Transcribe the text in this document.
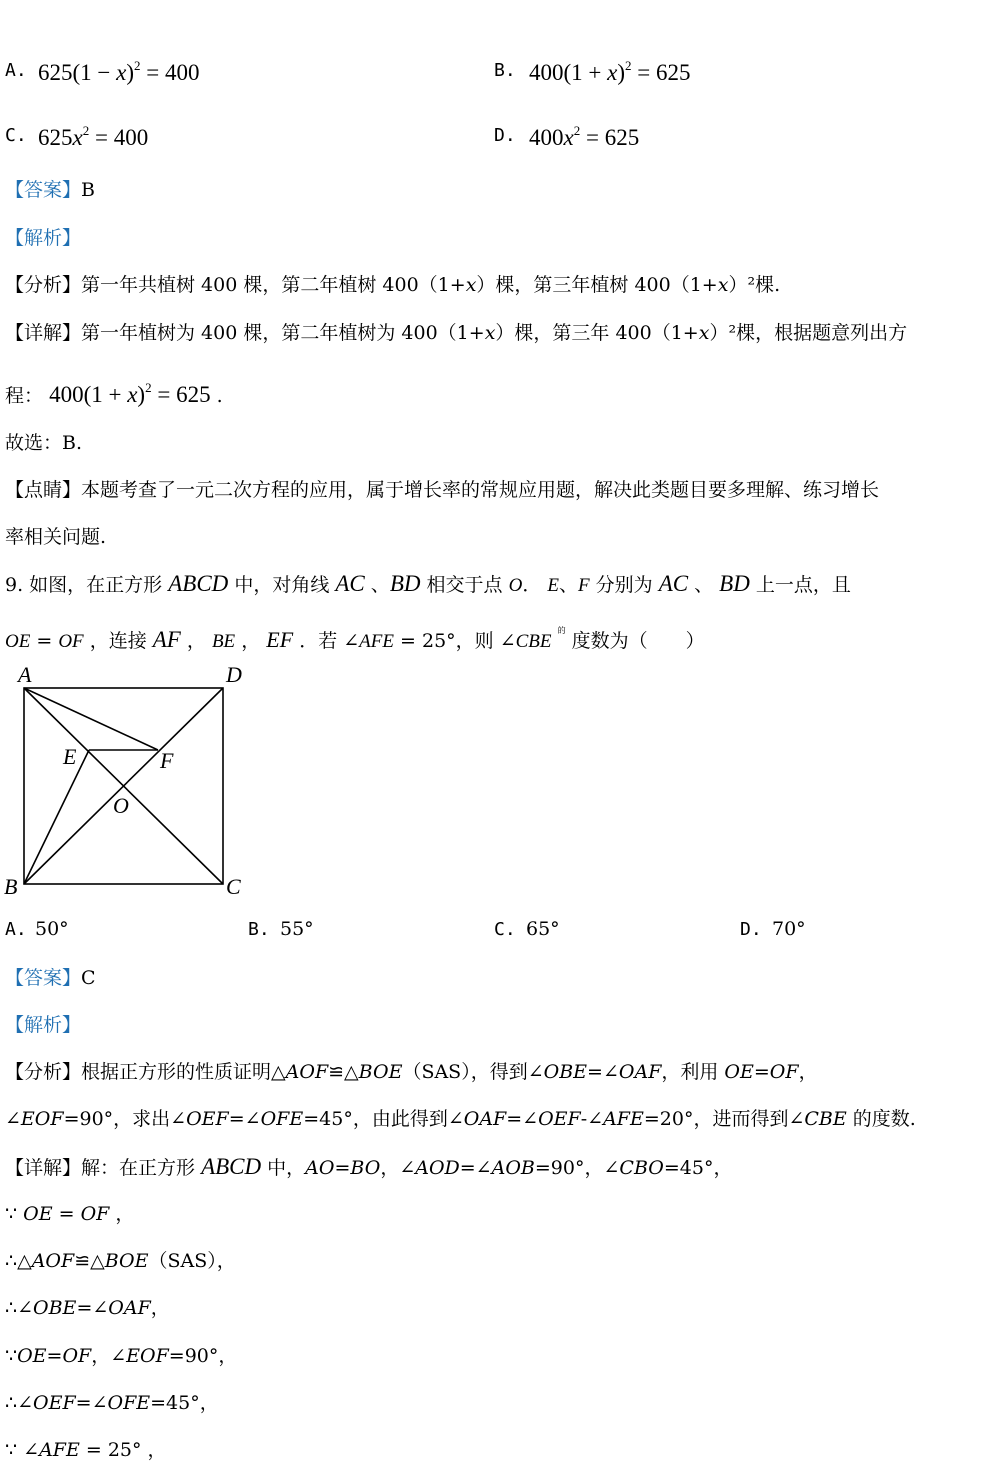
A. $625(1 - x)^2 = 400$	B. $400(1 + x)^2 = 625$
C. $625x^2 = 400$	D. $400x^2 = 625$
【答案】B
【解析】
【分析】第一年共植树 400 棵，第二年植树 400（1+x）棵，第三年植树 400（1+x）²棵.
【详解】第一年植树为 400 棵，第二年植树为 400（1+x）棵，第三年 400（1+x）²棵，根据题意列出方
程： $400(1 + x)^2 = 625$ .
故选：B.
【点睛】本题考查了一元二次方程的应用，属于增长率的常规应用题，解决此类题目要多理解、练习增长
率相关问题.
9. 如图，在正方形 ABCD 中，对角线 AC 、BD 相交于点 O． E、F 分别为 AC 、 BD 上一点，且
OE = OF ，连接 AF ， BE ， EF ．若 ∠AFE = 25°，则 ∠CBE $^的$ 度数为（　　）
A	D
B	C
E	F
O
A. 50°	B. 55°	C. 65°	D. 70°
【答案】C
【解析】
【分析】根据正方形的性质证明△AOF≌△BOE（SAS），得到∠OBE=∠OAF，利用 OE=OF，
∠EOF=90°，求出∠OEF=∠OFE=45°，由此得到∠OAF=∠OEF-∠AFE=20°，进而得到∠CBE 的度数.
【详解】解：在正方形 ABCD 中，AO=BO，∠AOD=∠AOB=90°，∠CBO=45°，
∵ OE = OF ，
∴△AOF≌△BOE（SAS），
∴∠OBE=∠OAF，
∵OE=OF，∠EOF=90°，
∴∠OEF=∠OFE=45°，
∵ ∠AFE = 25° ，
